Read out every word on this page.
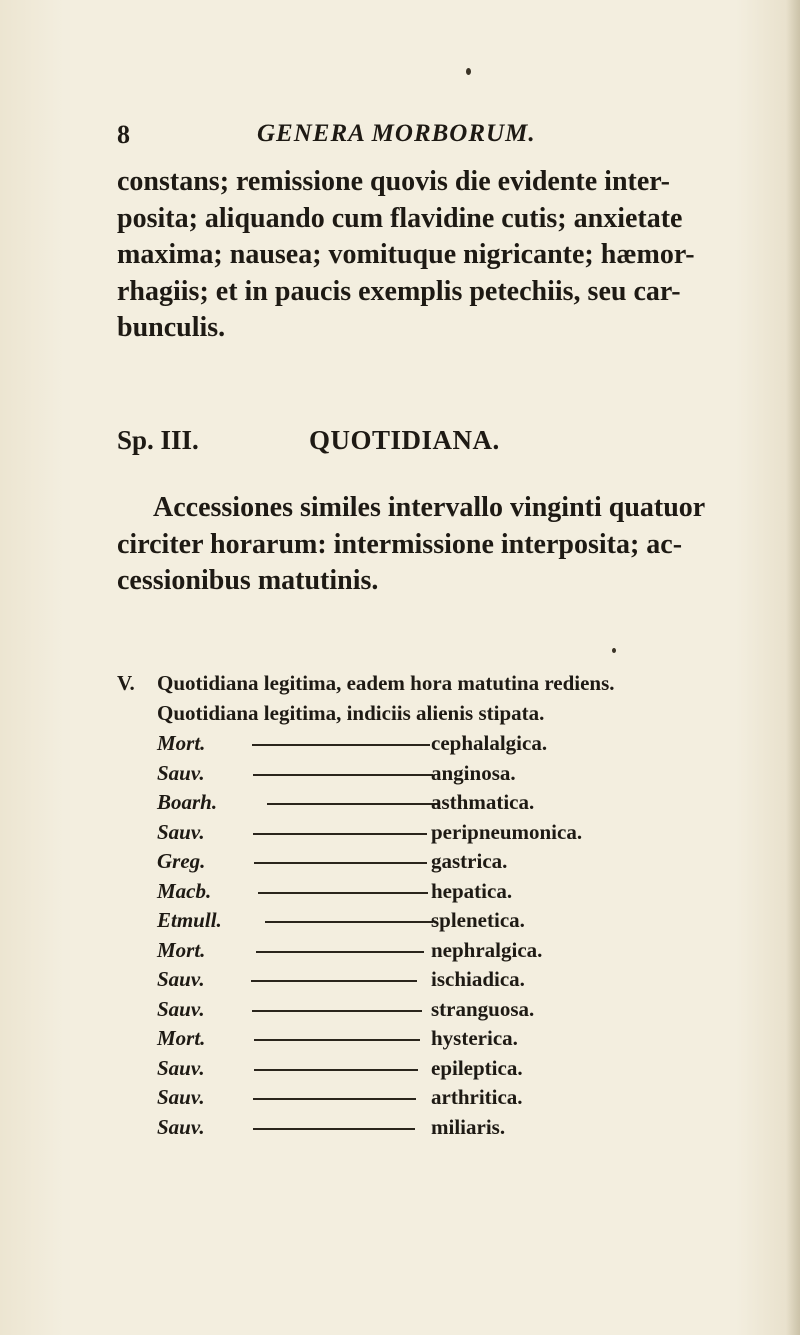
8	GENERA MORBORUM.

constans; remissione quovis die evidente inter-
posita; aliquando cum flavidine cutis; anxietate
maxima; nausea; vomituque nigricante; hæmor-
rhagiis; et in paucis exemplis petechiis, seu car-
bunculis.

Sp. III.	QUOTIDIANA.

Accessiones similes intervallo vinginti quatuor
circiter horarum: intermissione interposita; ac-
cessionibus matutinis.

V. Quotidiana legitima, eadem hora matutina rediens.
Quotidiana legitima, indiciis alienis stipata.
Mort.	cephalalgica.
Sauv.	anginosa.
Boarh.	asthmatica.
Sauv.	peripneumonica.
Greg.	gastrica.
Macb.	hepatica.
Etmull.	splenetica.
Mort.	nephralgica.
Sauv.	ischiadica.
Sauv.	stranguosa.
Mort.	hysterica.
Sauv.	epileptica.
Sauv.	arthritica.
Sauv.	miliaris.
